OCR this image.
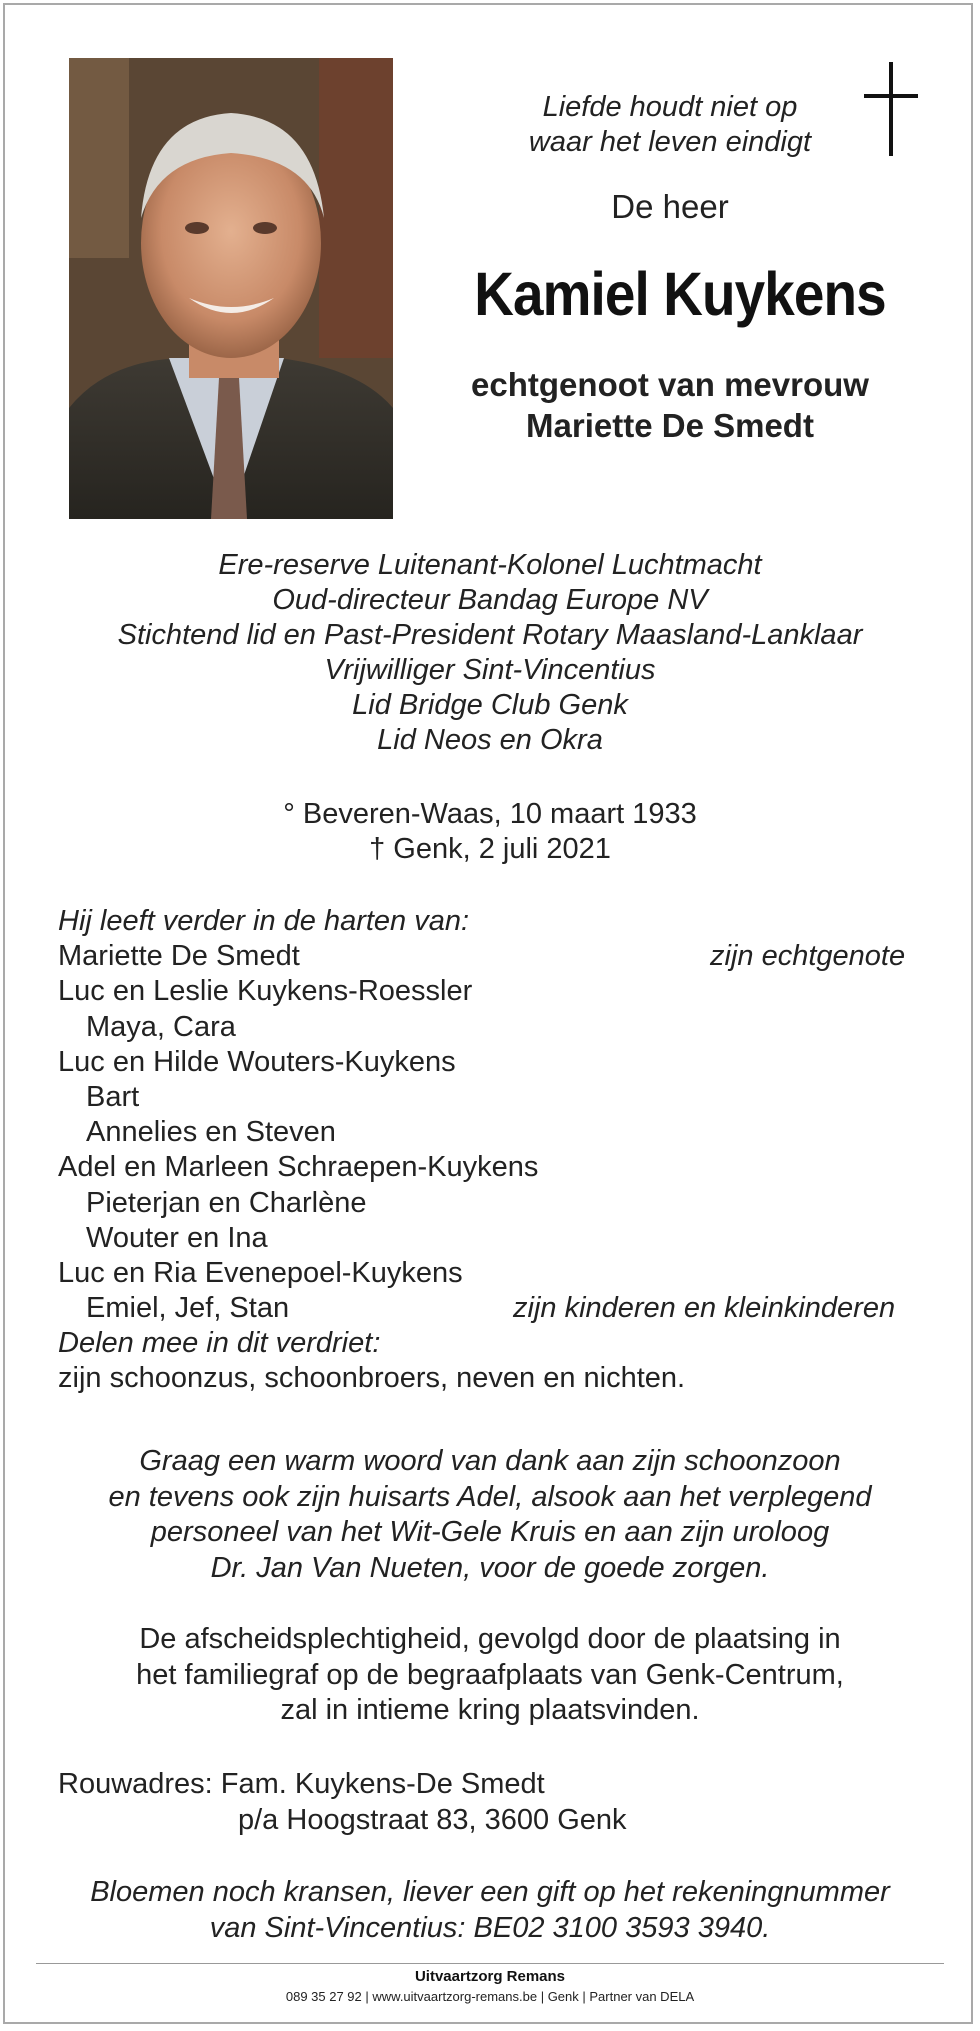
Liefde houdt niet op
waar het leven eindigt
De heer
Kamiel Kuykens
echtgenoot van mevrouw
Mariette De Smedt
Ere-reserve Luitenant-Kolonel Luchtmacht
Oud-directeur Bandag Europe NV
Stichtend lid en Past-President Rotary Maasland-Lanklaar
Vrijwilliger Sint-Vincentius
Lid Bridge Club Genk
Lid Neos en Okra
° Beveren-Waas, 10 maart 1933
† Genk, 2 juli 2021
Hij leeft verder in de harten van:
Mariette De Smedt	zijn echtgenote
Luc en Leslie Kuykens-Roessler
Maya, Cara
Luc en Hilde Wouters-Kuykens
Bart
Annelies en Steven
Adel en Marleen Schraepen-Kuykens
Pieterjan en Charlène
Wouter en Ina
Luc en Ria Evenepoel-Kuykens
Emiel, Jef, Stan	zijn kinderen en kleinkinderen
Delen mee in dit verdriet:
zijn schoonzus, schoonbroers, neven en nichten.
Graag een warm woord van dank aan zijn schoonzoon
en tevens ook zijn huisarts Adel, alsook aan het verplegend
personeel van het Wit-Gele Kruis en aan zijn uroloog
Dr. Jan Van Nueten, voor de goede zorgen.
De afscheidsplechtigheid, gevolgd door de plaatsing in
het familiegraf op de begraafplaats van Genk-Centrum,
zal in intieme kring plaatsvinden.
Rouwadres: Fam. Kuykens-De Smedt
p/a Hoogstraat 83, 3600 Genk
Bloemen noch kransen, liever een gift op het rekeningnummer
van Sint-Vincentius: BE02 3100 3593 3940.
Uitvaartzorg Remans
089 35 27 92 | www.uitvaartzorg-remans.be | Genk | Partner van DELA
